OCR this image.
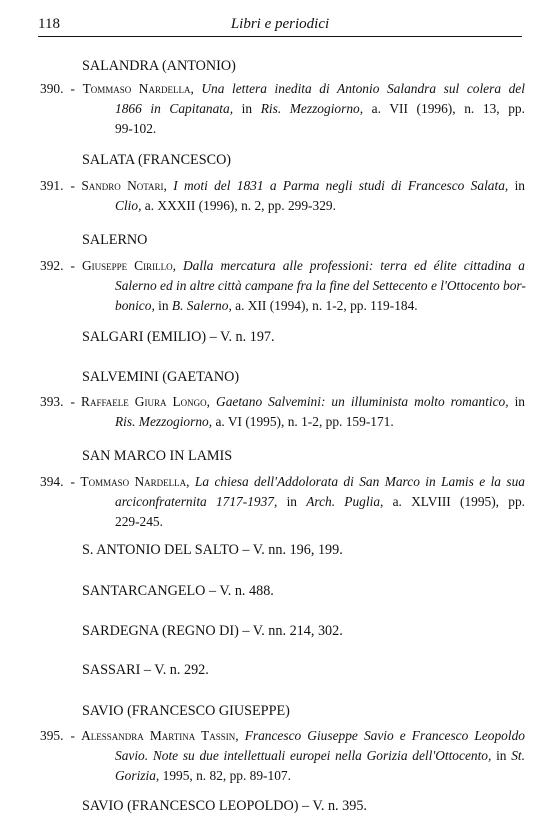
118	Libri e periodici
SALANDRA (ANTONIO)
390. - Tommaso Nardella, Una lettera inedita di Antonio Salandra sul colera del
1866 in Capitanata, in Ris. Mezzogiorno, a. VII (1996), n. 13, pp.
99-102.
SALATA (FRANCESCO)
391. - Sandro Notari, I moti del 1831 a Parma negli studi di Francesco Salata, in
Clio, a. XXXII (1996), n. 2, pp. 299-329.
SALERNO
392. - Giuseppe Cirillo, Dalla mercatura alle professioni: terra ed élite cittadina a
Salerno ed in altre città campane fra la fine del Settecento e l'Ottocento bor-
bonico, in B. Salerno, a. XII (1994), n. 1-2, pp. 119-184.
SALGARI (EMILIO) – V. n. 197.
SALVEMINI (GAETANO)
393. - Raffaele Giura Longo, Gaetano Salvemini: un illuminista molto romantico, in
Ris. Mezzogiorno, a. VI (1995), n. 1-2, pp. 159-171.
SAN MARCO IN LAMIS
394. - Tommaso Nardella, La chiesa dell'Addolorata di San Marco in Lamis e la sua
arciconfraternita 1717-1937, in Arch. Puglia, a. XLVIII (1995), pp.
229-245.
S. ANTONIO DEL SALTO – V. nn. 196, 199.
SANTARCANGELO – V. n. 488.
SARDEGNA (REGNO DI) – V. nn. 214, 302.
SASSARI – V. n. 292.
SAVIO (FRANCESCO GIUSEPPE)
395. - Alessandra Martina Tassin, Francesco Giuseppe Savio e Francesco Leopoldo
Savio. Note su due intellettuali europei nella Gorizia dell'Ottocento, in St.
Gorizia, 1995, n. 82, pp. 89-107.
SAVIO (FRANCESCO LEOPOLDO) – V. n. 395.
